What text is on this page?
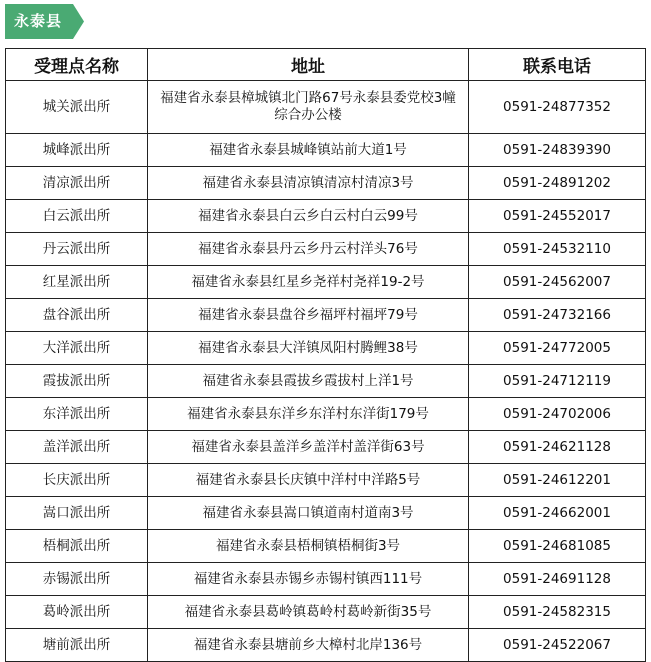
永泰县
受理点名称	地址	联系电话
城关派出所	福建省永泰县樟城镇北门路67号永泰县委党校3幢综合办公楼	0591-24877352
城峰派出所	福建省永泰县城峰镇站前大道1号	0591-24839390
清凉派出所	福建省永泰县清凉镇清凉村清凉3号	0591-24891202
白云派出所	福建省永泰县白云乡白云村白云99号	0591-24552017
丹云派出所	福建省永泰县丹云乡丹云村洋头76号	0591-24532110
红星派出所	福建省永泰县红星乡尧祥村尧祥19-2号	0591-24562007
盘谷派出所	福建省永泰县盘谷乡福坪村福坪79号	0591-24732166
大洋派出所	福建省永泰县大洋镇凤阳村腾鲤38号	0591-24772005
霞拔派出所	福建省永泰县霞拔乡霞拔村上洋1号	0591-24712119
东洋派出所	福建省永泰县东洋乡东洋村东洋街179号	0591-24702006
盖洋派出所	福建省永泰县盖洋乡盖洋村盖洋街63号	0591-24621128
长庆派出所	福建省永泰县长庆镇中洋村中洋路5号	0591-24612201
嵩口派出所	福建省永泰县嵩口镇道南村道南3号	0591-24662001
梧桐派出所	福建省永泰县梧桐镇梧桐街3号	0591-24681085
赤锡派出所	福建省永泰县赤锡乡赤锡村镇西111号	0591-24691128
葛岭派出所	福建省永泰县葛岭镇葛岭村葛岭新街35号	0591-24582315
塘前派出所	福建省永泰县塘前乡大樟村北岸136号	0591-24522067
